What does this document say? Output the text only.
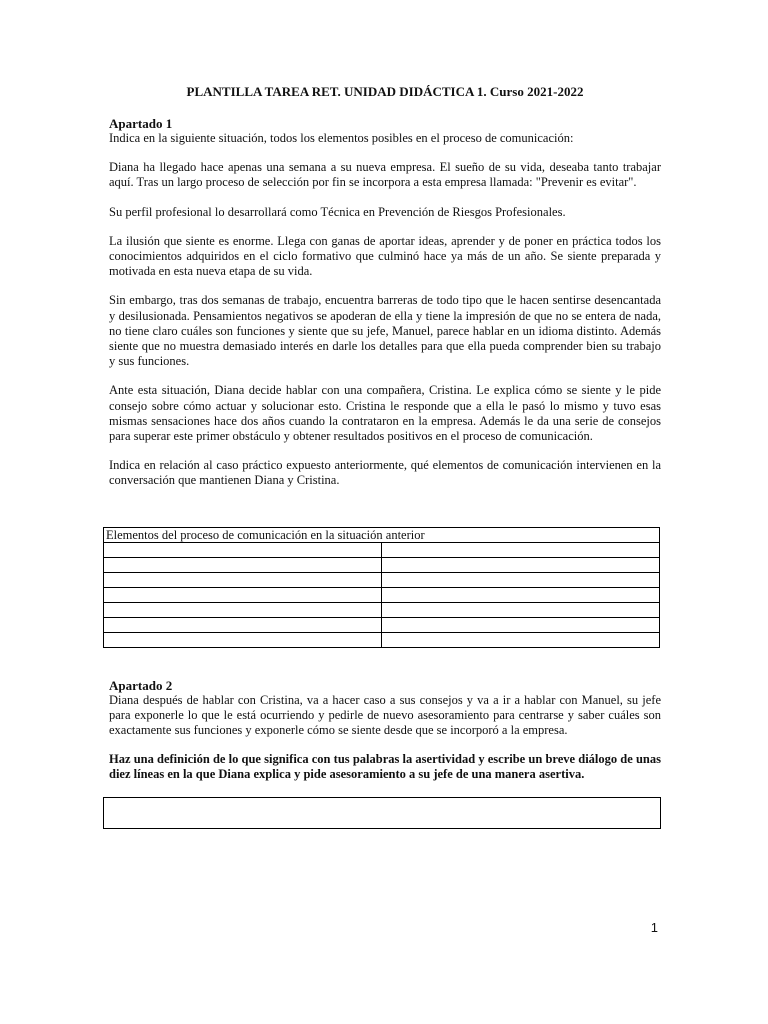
PLANTILLA TAREA RET. UNIDAD DIDÁCTICA 1. Curso 2021-2022
Apartado 1

Indica en la siguiente situación, todos los elementos posibles en el proceso de comunicación:

Diana ha llegado hace apenas una semana a su nueva empresa. El sueño de su vida, deseaba tanto trabajar aquí. Tras un largo proceso de selección por fin se incorpora a esta empresa llamada: "Prevenir es evitar".

Su perfil profesional lo desarrollará como Técnica en Prevención de Riesgos Profesionales.

La ilusión que siente es enorme. Llega con ganas de aportar ideas, aprender y de poner en práctica todos los conocimientos adquiridos en el ciclo formativo que culminó hace ya más de un año. Se siente preparada y motivada en esta nueva etapa de su vida.

Sin embargo, tras dos semanas de trabajo, encuentra barreras de todo tipo que le hacen sentirse desencantada y desilusionada. Pensamientos negativos se apoderan de ella y tiene la impresión de que no se entera de nada, no tiene claro cuáles son funciones y siente que su jefe, Manuel, parece hablar en un idioma distinto. Además siente que no muestra demasiado interés en darle los detalles para que ella pueda comprender bien su trabajo y sus funciones.

Ante esta situación, Diana decide hablar con una compañera, Cristina. Le explica cómo se siente y le pide consejo sobre cómo actuar y solucionar esto. Cristina le responde que a ella le pasó lo mismo y tuvo esas mismas sensaciones hace dos años cuando la contrataron en la empresa. Además le da una serie de consejos para superar este primer obstáculo y obtener resultados positivos en el proceso de comunicación.

Indica en relación al caso práctico expuesto anteriormente, qué elementos de comunicación intervienen en la conversación que mantienen Diana y Cristina.

Elementos del proceso de comunicación en la situación anterior	

Apartado 2

Diana después de hablar con Cristina, va a hacer caso a sus consejos y va a ir a hablar con Manuel, su jefe para exponerle lo que le está ocurriendo y pedirle de nuevo asesoramiento para centrarse y saber cuáles son exactamente sus funciones y exponerle cómo se siente desde que se incorporó a la empresa.

Haz una definición de lo que significa con tus palabras la asertividad y escribe un breve diálogo de unas diez líneas en la que Diana explica y pide asesoramiento a su jefe de una manera asertiva.

1
